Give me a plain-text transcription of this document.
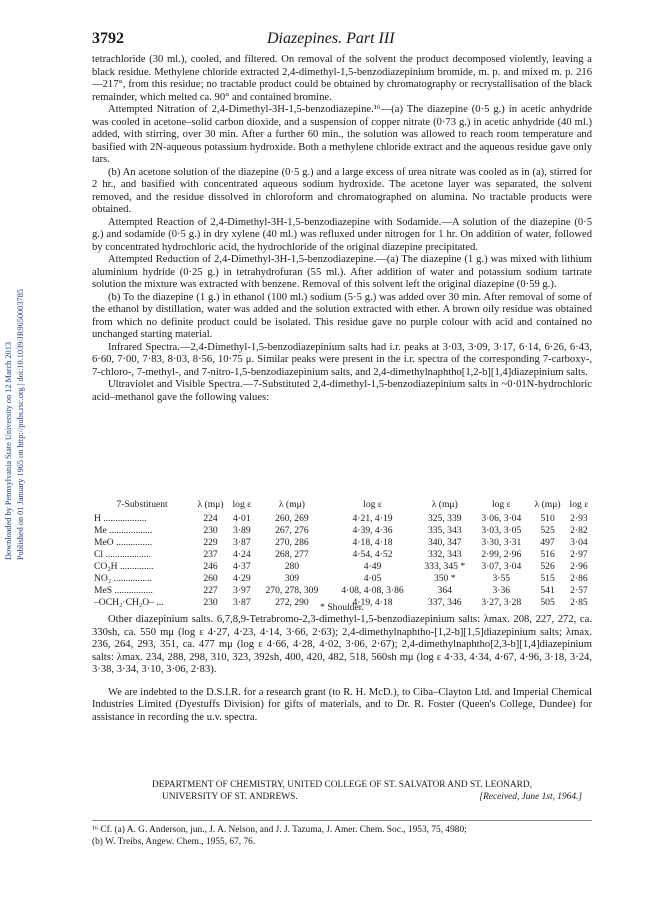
3792	Diazepines. Part III
Downloaded by Pennsylvania State University on 12 March 2013 Published on 01 January 1965 on http://pubs.rsc.org | doi:10.1039/JR9650003785

tetrachloride (30 ml.), cooled, and filtered. On removal of the solvent the product decomposed violently, leaving a black residue. Methylene chloride extracted 2,4-dimethyl-1,5-benzodiazepinium bromide, m. p. and mixed m. p. 216—217°, from this residue; no tractable product could be obtained by chromatography or recrystallisation of the black remainder, which melted ca. 90° and contained bromine.

Attempted Nitration of 2,4-Dimethyl-3H-1,5-benzodiazepine.¹⁶—(a) The diazepine (0·5 g.) in acetic anhydride was cooled in acetone–solid carbon dioxide, and a suspension of copper nitrate (0·73 g.) in acetic anhydride (40 ml.) added, with stirring, over 30 min. After a further 60 min., the solution was allowed to reach room temperature and basified with 2N-aqueous potassium hydroxide. Both a methylene chloride extract and the aqueous residue gave only tars.

(b) An acetone solution of the diazepine (0·5 g.) and a large excess of urea nitrate was cooled as in (a), stirred for 2 hr., and basified with concentrated aqueous sodium hydroxide. The acetone layer was separated, the solvent removed, and the residue dissolved in chloroform and chromatographed on alumina. No tractable products were obtained.

Attempted Reaction of 2,4-Dimethyl-3H-1,5-benzodiazepine with Sodamide.—A solution of the diazepine (0·5 g.) and sodamide (0·5 g.) in dry xylene (40 ml.) was refluxed under nitrogen for 1 hr. On addition of water, followed by concentrated hydrochloric acid, the hydrochloride of the original diazepine precipitated.

Attempted Reduction of 2,4-Dimethyl-3H-1,5-benzodiazepine.—(a) The diazepine (1 g.) was mixed with lithium aluminium hydride (0·25 g.) in tetrahydrofuran (55 ml.). After addition of water and potassium sodium tartrate solution the mixture was extracted with benzene. Removal of this solvent left the original diazepine (0·59 g.).

(b) To the diazepine (1 g.) in ethanol (100 ml.) sodium (5·5 g.) was added over 30 min. After removal of some of the ethanol by distillation, water was added and the solution extracted with ether. A brown oily residue was obtained from which no definite product could be isolated. This residue gave no purple colour with acid and contained no unchanged starting material.

Infrared Spectra.—2,4-Dimethyl-1,5-benzodiazepinium salts had i.r. peaks at 3·03, 3·09, 3·17, 6·14, 6·26, 6·43, 6·60, 7·00, 7·83, 8·03, 8·56, 10·75 μ. Similar peaks were present in the i.r. spectra of the corresponding 7-carboxy-, 7-chloro-, 7-methyl-, and 7-nitro-1,5-benzodiazepinium salts, and 2,4-dimethylnaphtho[1,2-b][1,4]diazepinium salts.

Ultraviolet and Visible Spectra.—7-Substituted 2,4-dimethyl-1,5-benzodiazepinium salts in ~0·01N-hydrochloric acid–methanol gave the following values:

7-Substituent	λ (mμ)	log ε	λ (mμ)	log ε	λ (mμ)	log ε	λ (mμ)	log ε
H ..................	224	4·01	260, 269	4·21, 4·19	325, 339	3·06, 3·04	510	2·93
Me ..................	230	3·89	267, 276	4·39, 4·36	335, 343	3·03, 3·05	525	2·82
MeO ...............	229	3·87	270, 286	4·18, 4·18	340, 347	3·30, 3·31	497	3·04
Cl ...................	237	4·24	268, 277	4·54, 4·52	332, 343	2·99, 2·96	516	2·97
CO₂H ..............	246	4·37	280	4·49	333, 345 *	3·07, 3·04	526	2·96
NO₂ ................	260	4·29	309	4·05	350 *	3·55	515	2·86
MeS ................	227	3·97	270, 278, 309	4·08, 4·08, 3·86	364	3·36	541	2·57
–OCH₂·CH₂O– ...	230	3·87	272, 290	4·19, 4·18	337, 346	3·27, 3·28	505	2·85
* Shoulder.

Other diazepinium salts. 6,7,8,9-Tetrabromo-2,3-dimethyl-1,5-benzodiazepinium salts: λmax. 208, 227, 272, ca. 330sh, ca. 550 mμ (log ε 4·27, 4·23, 4·14, 3·66, 2·63); 2,4-dimethylnaphtho-[1,2-b][1,5]diazepinium salts; λmax. 236, 264, 293, 351, ca. 477 mμ (log ε 4·66, 4·28, 4·02, 3·06, 2·67); 2,4-dimethylnaphtho[2,3-b][1,4]diazepinium salts: λmax. 234, 288, 298, 310, 323, 392sh, 400, 420, 482, 518, 560sh mμ (log ε 4·33, 4·34, 4·67, 4·96, 3·18, 3·24, 3·38, 3·34, 3·10, 3·06, 2·83).

We are indebted to the D.S.I.R. for a research grant (to R. H. McD.), to Ciba–Clayton Ltd. and Imperial Chemical Industries Limited (Dyestuffs Division) for gifts of materials, and to Dr. R. Foster (Queen's College, Dundee) for assistance in recording the u.v. spectra.

DEPARTMENT OF CHEMISTRY, UNITED COLLEGE OF ST. SALVATOR AND ST. LEONARD,
UNIVERSITY OF ST. ANDREWS.	[Received, June 1st, 1964.]
¹⁶ Cf. (a) A. G. Anderson, jun., J. A. Nelson, and J. J. Tazuma, J. Amer. Chem. Soc., 1953, 75, 4980;
(b) W. Treibs, Angew. Chem., 1955, 67, 76.
